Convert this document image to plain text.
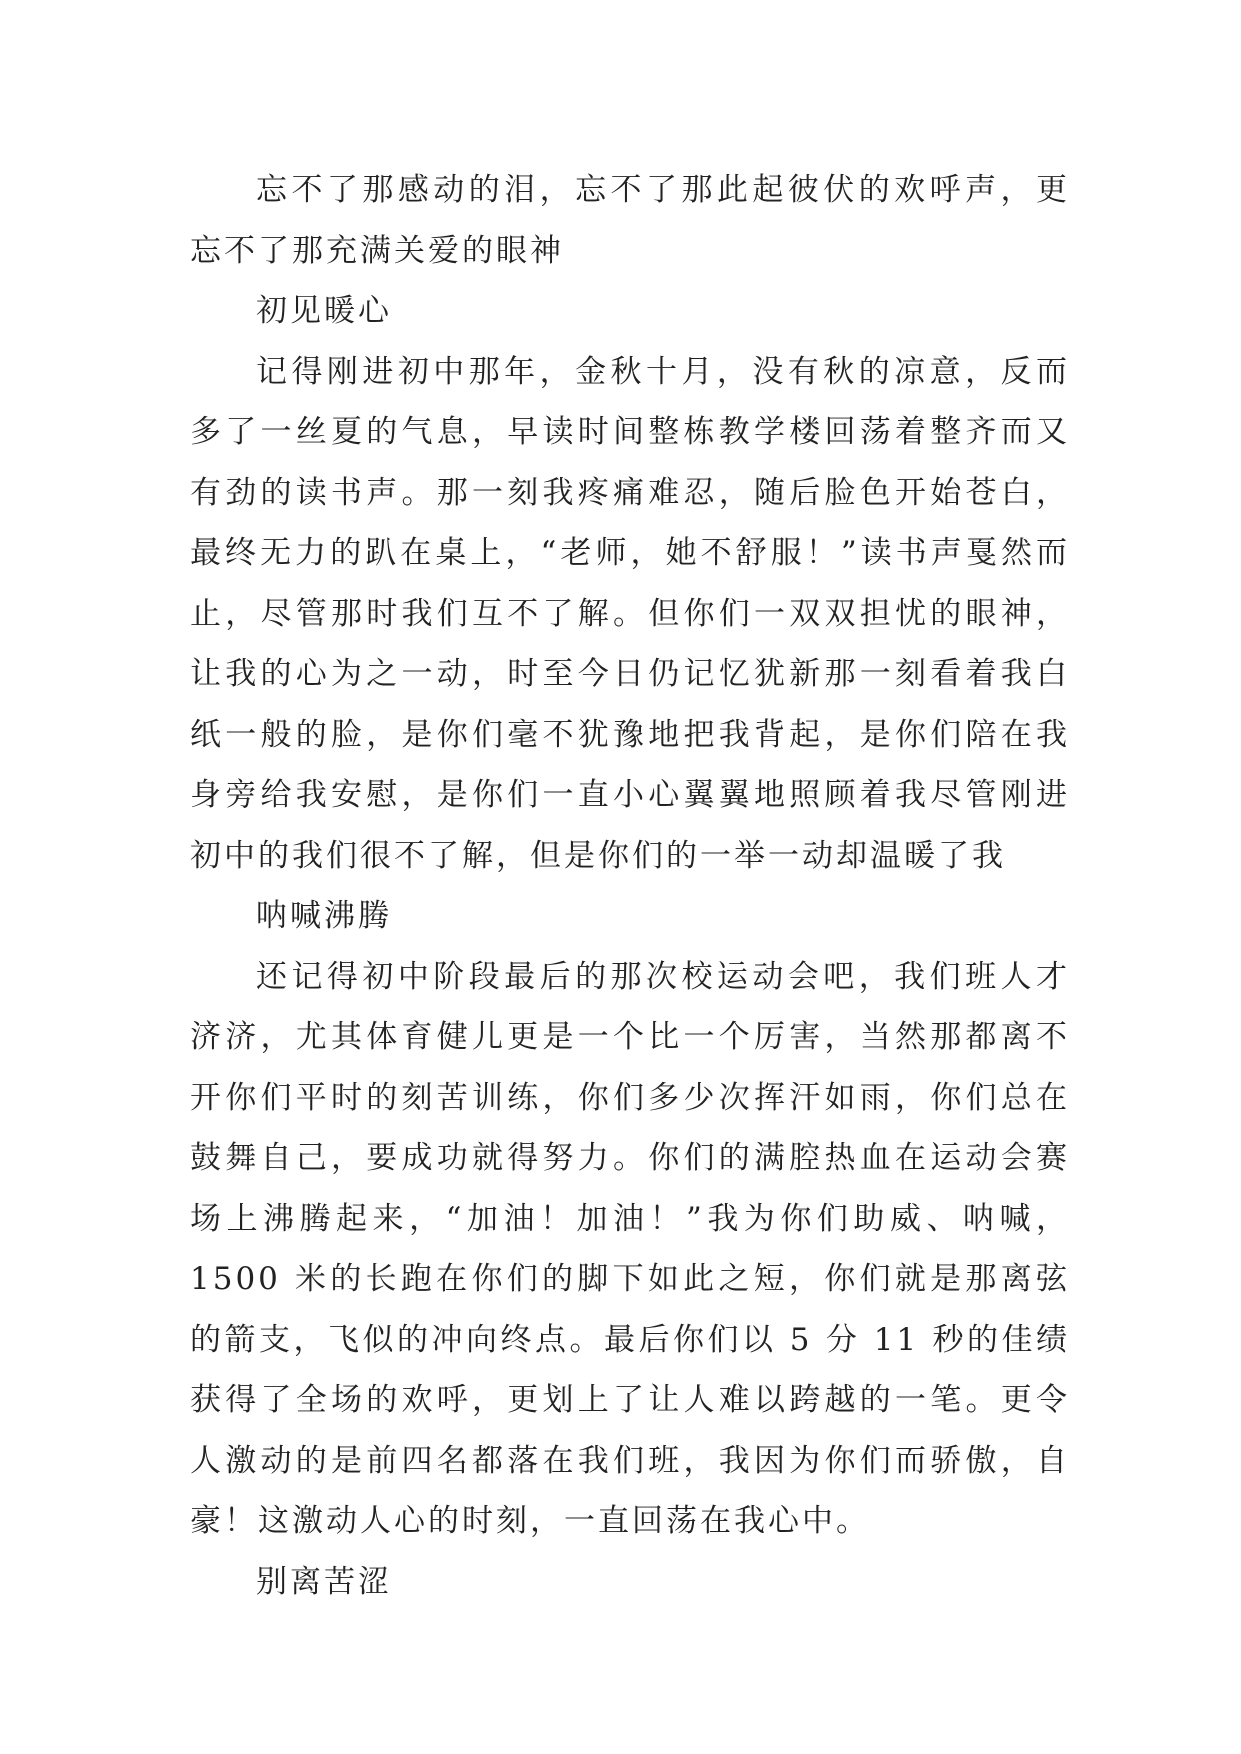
忘不了那感动的泪，忘不了那此起彼伏的欢呼声，更忘不了那充满关爱的眼神

初见暖心

记得刚进初中那年，金秋十月，没有秋的凉意，反而多了一丝夏的气息，早读时间整栋教学楼回荡着整齐而又有劲的读书声。那一刻我疼痛难忍，随后脸色开始苍白，最终无力的趴在桌上，“老师，她不舒服！”读书声戛然而止，尽管那时我们互不了解。但你们一双双担忧的眼神，让我的心为之一动，时至今日仍记忆犹新那一刻看着我白纸一般的脸，是你们毫不犹豫地把我背起，是你们陪在我身旁给我安慰，是你们一直小心翼翼地照顾着我尽管刚进初中的我们很不了解，但是你们的一举一动却温暖了我

呐喊沸腾

还记得初中阶段最后的那次校运动会吧，我们班人才济济，尤其体育健儿更是一个比一个厉害，当然那都离不开你们平时的刻苦训练，你们多少次挥汗如雨，你们总在鼓舞自己，要成功就得努力。你们的满腔热血在运动会赛场上沸腾起来，“加油！加油！”我为你们助威、呐喊，1500 米的长跑在你们的脚下如此之短，你们就是那离弦的箭支，飞似的冲向终点。最后你们以 5 分 11 秒的佳绩获得了全场的欢呼，更划上了让人难以跨越的一笔。更令人激动的是前四名都落在我们班，我因为你们而骄傲，自豪！这激动人心的时刻，一直回荡在我心中。

别离苦涩
